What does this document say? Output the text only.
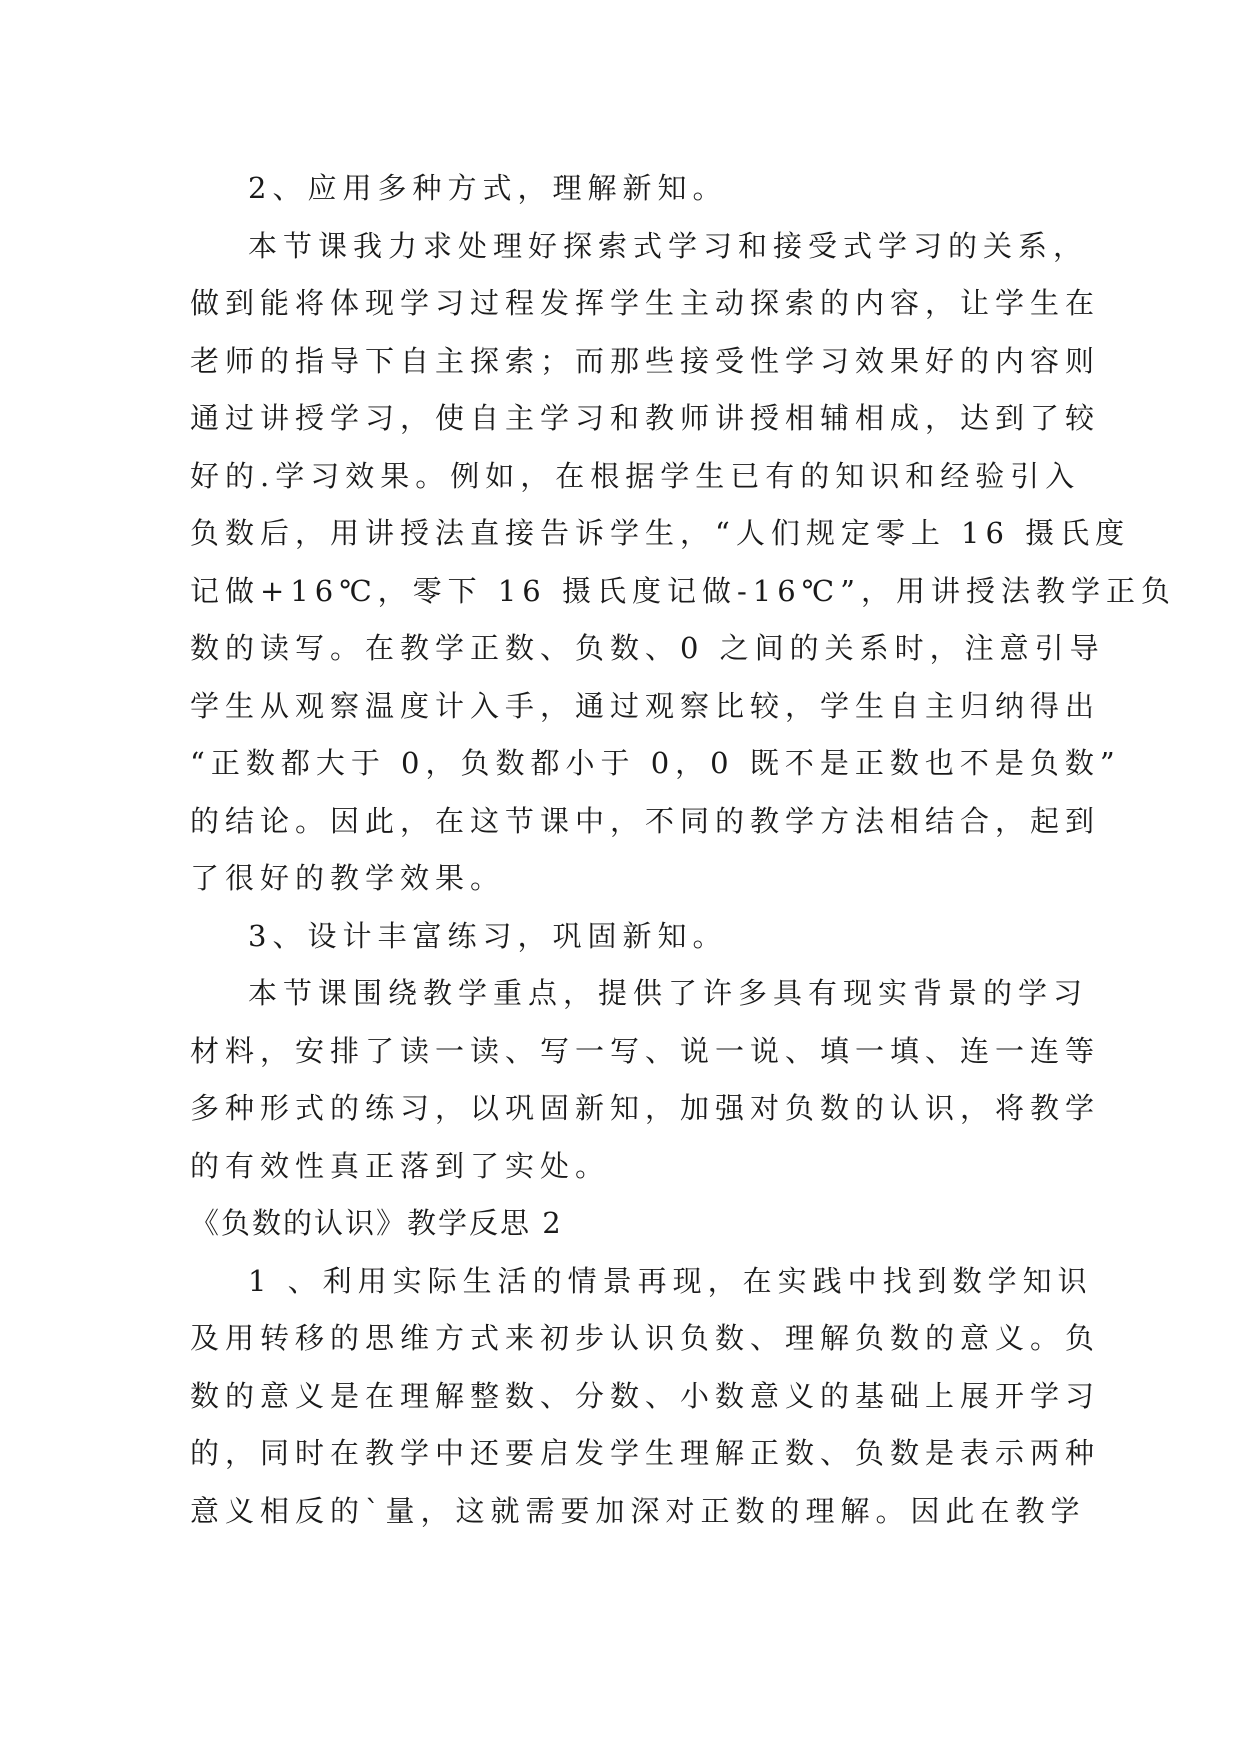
2、应用多种方式，理解新知。
本节课我力求处理好探索式学习和接受式学习的关系，
做到能将体现学习过程发挥学生主动探索的内容，让学生在
老师的指导下自主探索；而那些接受性学习效果好的内容则
通过讲授学习，使自主学习和教师讲授相辅相成，达到了较
好的.学习效果。例如，在根据学生已有的知识和经验引入
负数后，用讲授法直接告诉学生，“人们规定零上 16 摄氏度
记做+16℃，零下 16 摄氏度记做-16℃”，用讲授法教学正负
数的读写。在教学正数、负数、0 之间的关系时，注意引导
学生从观察温度计入手，通过观察比较，学生自主归纳得出
“正数都大于 0，负数都小于 0，0 既不是正数也不是负数”
的结论。因此，在这节课中，不同的教学方法相结合，起到
了很好的教学效果。
3、设计丰富练习，巩固新知。
本节课围绕教学重点，提供了许多具有现实背景的学习
材料，安排了读一读、写一写、说一说、填一填、连一连等
多种形式的练习，以巩固新知，加强对负数的认识，将教学
的有效性真正落到了实处。
《负数的认识》教学反思 2
1 、利用实际生活的情景再现，在实践中找到数学知识
及用转移的思维方式来初步认识负数、理解负数的意义。负
数的意义是在理解整数、分数、小数意义的基础上展开学习
的，同时在教学中还要启发学生理解正数、负数是表示两种
意义相反的`量，这就需要加深对正数的理解。因此在教学
